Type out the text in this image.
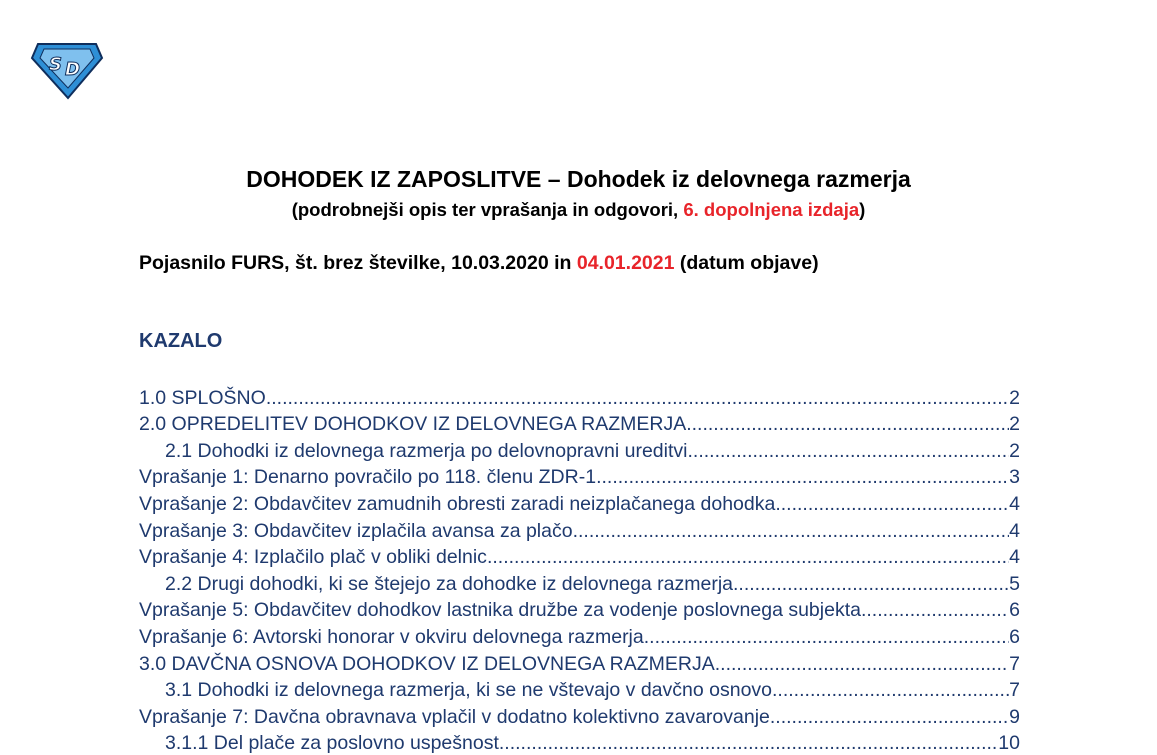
S D
DOHODEK IZ ZAPOSLITVE – Dohodek iz delovnega razmerja
(podrobnejši opis ter vprašanja in odgovori, 6. dopolnjena izdaja)
Pojasnilo FURS, št. brez številke, 10.03.2020 in 04.01.2021 (datum objave)
KAZALO
1.0 SPLOŠNO .....	2
2.0 OPREDELITEV DOHODKOV IZ DELOVNEGA RAZMERJA .....	2
2.1 Dohodki iz delovnega razmerja po delovnopravni ureditvi .....	2
Vprašanje 1: Denarno povračilo po 118. členu ZDR-1 .....	3
Vprašanje 2: Obdavčitev zamudnih obresti zaradi neizplačanega dohodka .....	4
Vprašanje 3: Obdavčitev izplačila avansa za plačo .....	4
Vprašanje 4: Izplačilo plač v obliki delnic .....	4
2.2 Drugi dohodki, ki se štejejo za dohodke iz delovnega razmerja .....	5
Vprašanje 5: Obdavčitev dohodkov lastnika družbe za vodenje poslovnega subjekta .....	6
Vprašanje 6: Avtorski honorar v okviru delovnega razmerja .....	6
3.0 DAVČNA OSNOVA DOHODKOV IZ DELOVNEGA RAZMERJA .....	7
3.1 Dohodki iz delovnega razmerja, ki se ne vštevajo v davčno osnovo .....	7
Vprašanje 7: Davčna obravnava vplačil v dodatno kolektivno zavarovanje .....	9
3.1.1 Del plače za poslovno uspešnost .....	10
